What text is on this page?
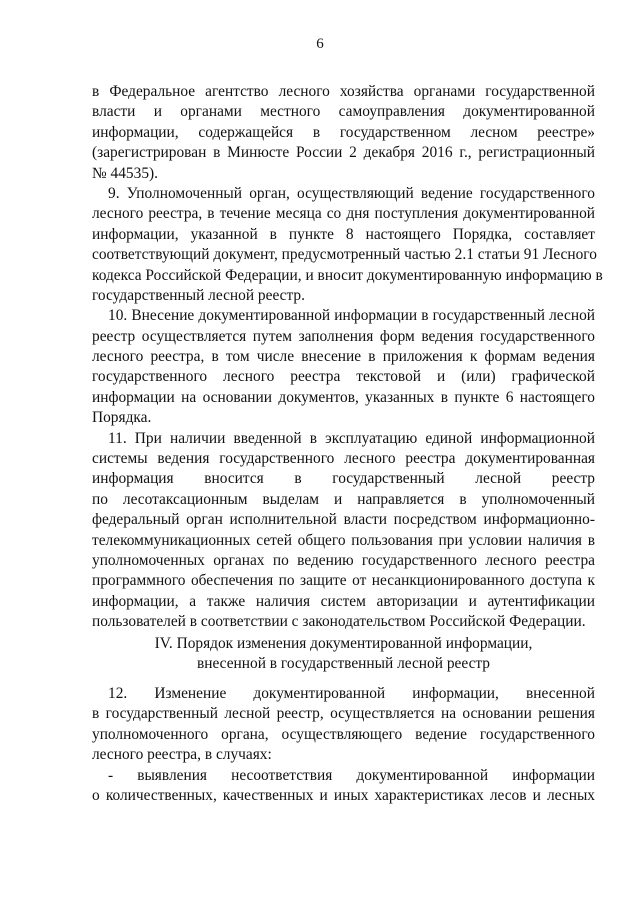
6
в Федеральное агентство лесного хозяйства органами государственной
власти и органами местного самоуправления документированной
информации, содержащейся в государственном лесном реестре»
(зарегистрирован в Минюсте России 2 декабря 2016 г., регистрационный
№ 44535).
9. Уполномоченный орган, осуществляющий ведение государственного
лесного реестра, в течение месяца со дня поступления документированной
информации, указанной в пункте 8 настоящего Порядка, составляет
соответствующий документ, предусмотренный частью 2.1 статьи 91 Лесного
кодекса Российской Федерации, и вносит документированную информацию в
государственный лесной реестр.
10. Внесение документированной информации в государственный лесной
реестр осуществляется путем заполнения форм ведения государственного
лесного реестра, в том числе внесение в приложения к формам ведения
государственного лесного реестра текстовой и (или) графической
информации на основании документов, указанных в пункте 6 настоящего
Порядка.
11. При наличии введенной в эксплуатацию единой информационной
системы ведения государственного лесного реестра документированная
информация вносится в государственный лесной реестр
по лесотаксационным выделам и направляется в уполномоченный
федеральный орган исполнительной власти посредством информационно-
телекоммуникационных сетей общего пользования при условии наличия в
уполномоченных органах по ведению государственного лесного реестра
программного обеспечения по защите от несанкционированного доступа к
информации, а также наличия систем авторизации и аутентификации
пользователей в соответствии с законодательством Российской Федерации.
IV. Порядок изменения документированной информации,
внесенной в государственный лесной реестр
12. Изменение документированной информации, внесенной
в государственный лесной реестр, осуществляется на основании решения
уполномоченного органа, осуществляющего ведение государственного
лесного реестра, в случаях:
- выявления несоответствия документированной информации
о количественных, качественных и иных характеристиках лесов и лесных
